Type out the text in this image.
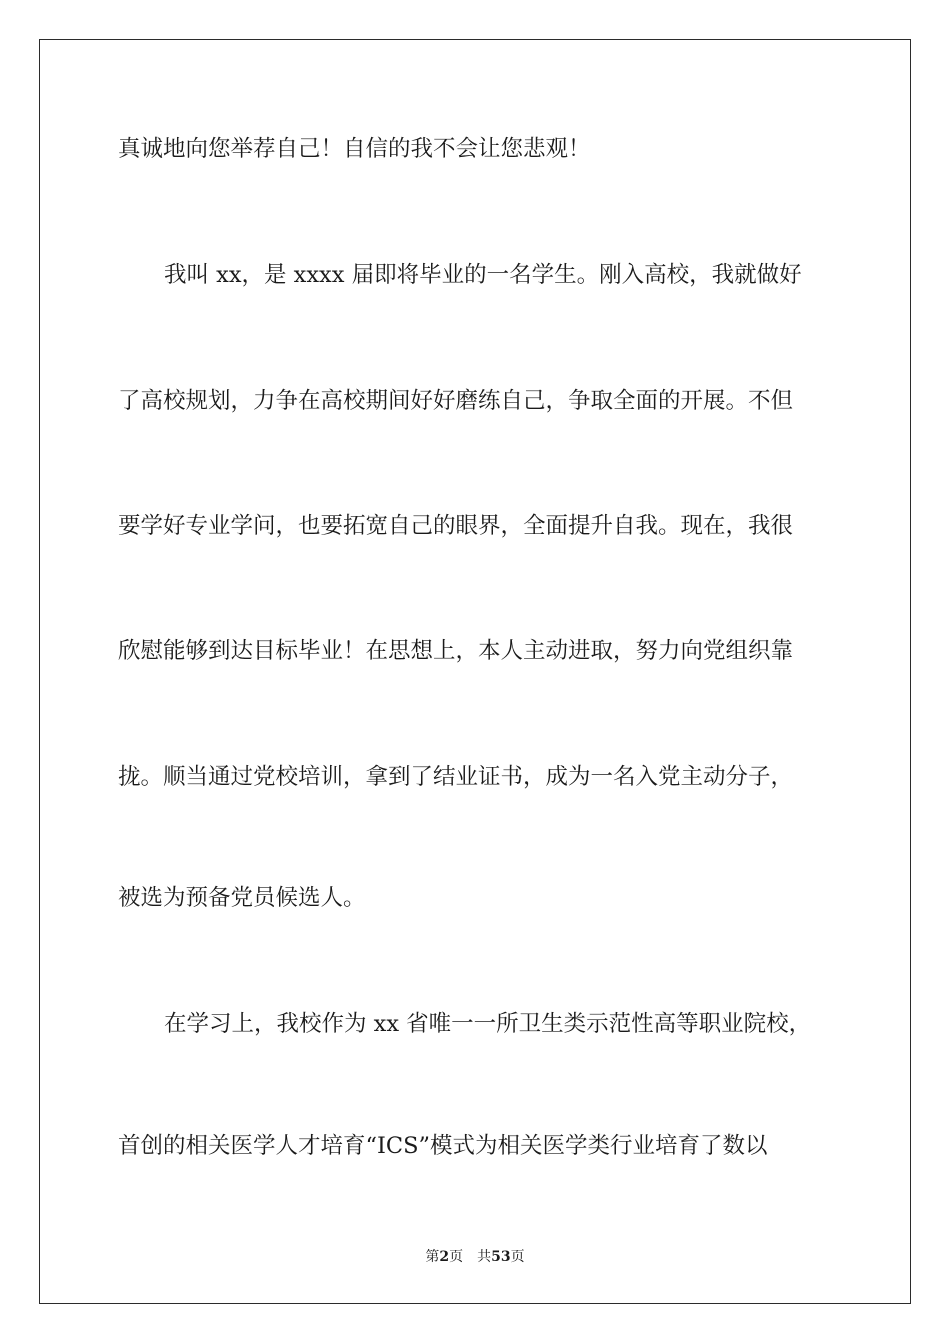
真诚地向您举荐自己！自信的我不会让您悲观！
我叫 xx，是 xxxx 届即将毕业的一名学生。刚入高校，我就做好
了高校规划，力争在高校期间好好磨练自己，争取全面的开展。不但
要学好专业学问，也要拓宽自己的眼界，全面提升自我。现在，我很
欣慰能够到达目标毕业！在思想上，本人主动进取，努力向党组织靠
拢。顺当通过党校培训，拿到了结业证书，成为一名入党主动分子，
被选为预备党员候选人。
在学习上，我校作为 xx 省唯一一所卫生类示范性高等职业院校，
首创的相关医学人才培育“ICS”模式为相关医学类行业培育了数以
第2页 共53页
